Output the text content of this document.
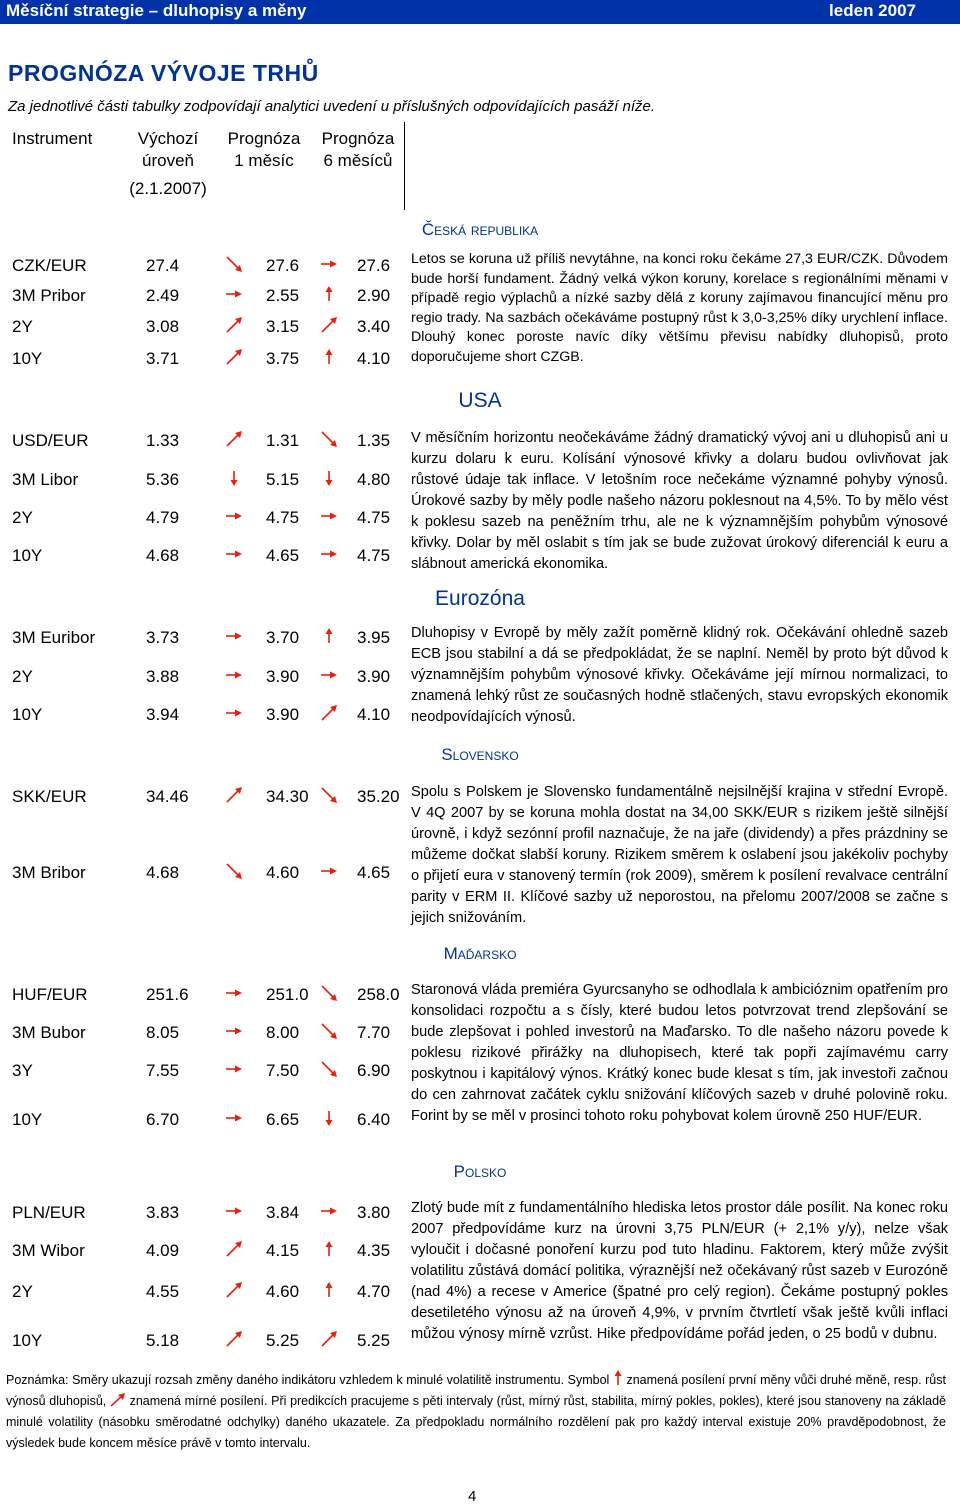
Měsíční strategie – dluhopisy a měny	leden 2007
PROGNÓZA VÝVOJE TRHŮ
Za jednotlivé části tabulky zodpovídají analytici uvedení u příslušných odpovídajících pasáží níže.
Instrument	Výchozí
úroveň
(2.1.2007)
Prognóza
1 měsíc
Prognóza
6 měsíců
CZK/EUR	27.4	27.6	27.6
3M Pribor	2.49	2.55	2.90
2Y	3.08	3.15	3.40
10Y	3.71	3.75	4.10
USD/EUR	1.33	1.31	1.35
3M Libor	5.36	5.15	4.80
2Y	4.79	4.75	4.75
10Y	4.68	4.65	4.75
3M Euribor	3.73	3.70	3.95
2Y	3.88	3.90	3.90
10Y	3.94	3.90	4.10
SKK/EUR	34.46	34.30	35.20
3M Bribor	4.68	4.60	4.65
HUF/EUR	251.6	251.0	258.0
3M Bubor	8.05	8.00	7.70
3Y	7.55	7.50	6.90
10Y	6.70	6.65	6.40
PLN/EUR	3.83	3.84	3.80
3M Wibor	4.09	4.15	4.35
2Y	4.55	4.60	4.70
10Y	5.18	5.25	5.25
Česká republika
Letos se koruna už příliš nevytáhne, na konci roku čekáme 27,3 EUR/CZK. Důvodem bude horší fundament. Žádný velká výkon koruny, korelace s regionálními měnami v případě regio výplachů a nízké sazby dělá z koruny zajímavou financující měnu pro regio trady. Na sazbách očekáváme postupný růst k 3,0-3,25% díky urychlení inflace. Dlouhý konec poroste navíc díky většímu převisu nabídky dluhopisů, proto doporučujeme short CZGB.
USA
V měsíčním horizontu neočekáváme žádný dramatický vývoj ani u dluhopisů ani u kurzu dolaru k euru. Kolísání výnosové křivky a dolaru budou ovlivňovat jak růstové údaje tak inflace. V letošním roce nečekáme významné pohyby výnosů. Úrokové sazby by měly podle našeho názoru poklesnout na 4,5%. To by mělo vést k poklesu sazeb na peněžním trhu, ale ne k významnějším pohybům výnosové křivky. Dolar by měl oslabit s tím jak se bude zužovat úrokový diferenciál k euru a slábnout americká ekonomika.
Eurozóna
Dluhopisy v Evropě by měly zažít poměrně klidný rok. Očekávání ohledně sazeb ECB jsou stabilní a dá se předpokládat, že se naplní. Neměl by proto být důvod k významnějším pohybům výnosové křivky. Očekáváme její mírnou normalizaci, to znamená lehký růst ze současných hodně stlačených, stavu evropských ekonomik neodpovídajících výnosů.
Slovensko
Spolu s Polskem je Slovensko fundamentálně nejsilnější krajina v střední Evropě. V 4Q 2007 by se koruna mohla dostat na 34,00 SKK/EUR s rizikem ještě silnější úrovně, i když sezónní profil naznačuje, že na jaře (dividendy) a přes prázdniny se můžeme dočkat slabší koruny. Rizikem směrem k oslabení jsou jakékoliv pochyby o přijetí eura v stanovený termín (rok 2009), směrem k posílení revalvace centrální parity v ERM II. Klíčové sazby už neporostou, na přelomu 2007/2008 se začne s jejich snižováním.
Maďarsko
Staronová vláda premiéra Gyurcsanyho se odhodlala k ambicióznim opatřením pro konsolidaci rozpočtu a s čísly, které budou letos potvrzovat trend zlepšování se bude zlepšovat i pohled investorů na Maďarsko. To dle našeho názoru povede k poklesu rizikové přirážky na dluhopisech, které tak popři zajímavému carry poskytnou i kapitálový výnos. Krátký konec bude klesat s tím, jak investoři začnou do cen zahrnovat začátek cyklu snižování klíčových sazeb v druhé polovině roku. Forint by se měl v prosinci tohoto roku pohybovat kolem úrovně 250 HUF/EUR.
Polsko
Zlotý bude mít z fundamentálního hlediska letos prostor dále posílit. Na konec roku 2007 předpovídáme kurz na úrovni 3,75 PLN/EUR (+ 2,1% y/y), nelze však vyloučit i dočasné ponoření kurzu pod tuto hladinu. Faktorem, který může zvýšit volatilitu zůstává domácí politika, výraznější než očekávaný růst sazeb v Eurozóně (nad 4%) a recese v Americe (špatné pro celý region). Čekáme postupný pokles desetiletého výnosu až na úroveň 4,9%, v prvním čtvrtletí však ještě kvůli inflaci můžou výnosy mírně vzrůst. Hike předpovídáme pořád jeden, o 25 bodů v dubnu.
Poznámka: Směry ukazují rozsah změny daného indikátoru vzhledem k minulé volatilitě instrumentu. Symbol znamená posílení první měny vůči druhé měně, resp. růst výnosů dluhopisů, znamená mírné posílení. Při predikcích pracujeme s pěti intervaly (růst, mírný růst, stabilita, mírný pokles, pokles), které jsou stanoveny na základě minulé volatility (násobku směrodatné odchylky) daného ukazatele. Za předpokladu normálního rozdělení pak pro každý interval existuje 20% pravděpodobnost, že výsledek bude koncem měsíce právě v tomto intervalu.
4
